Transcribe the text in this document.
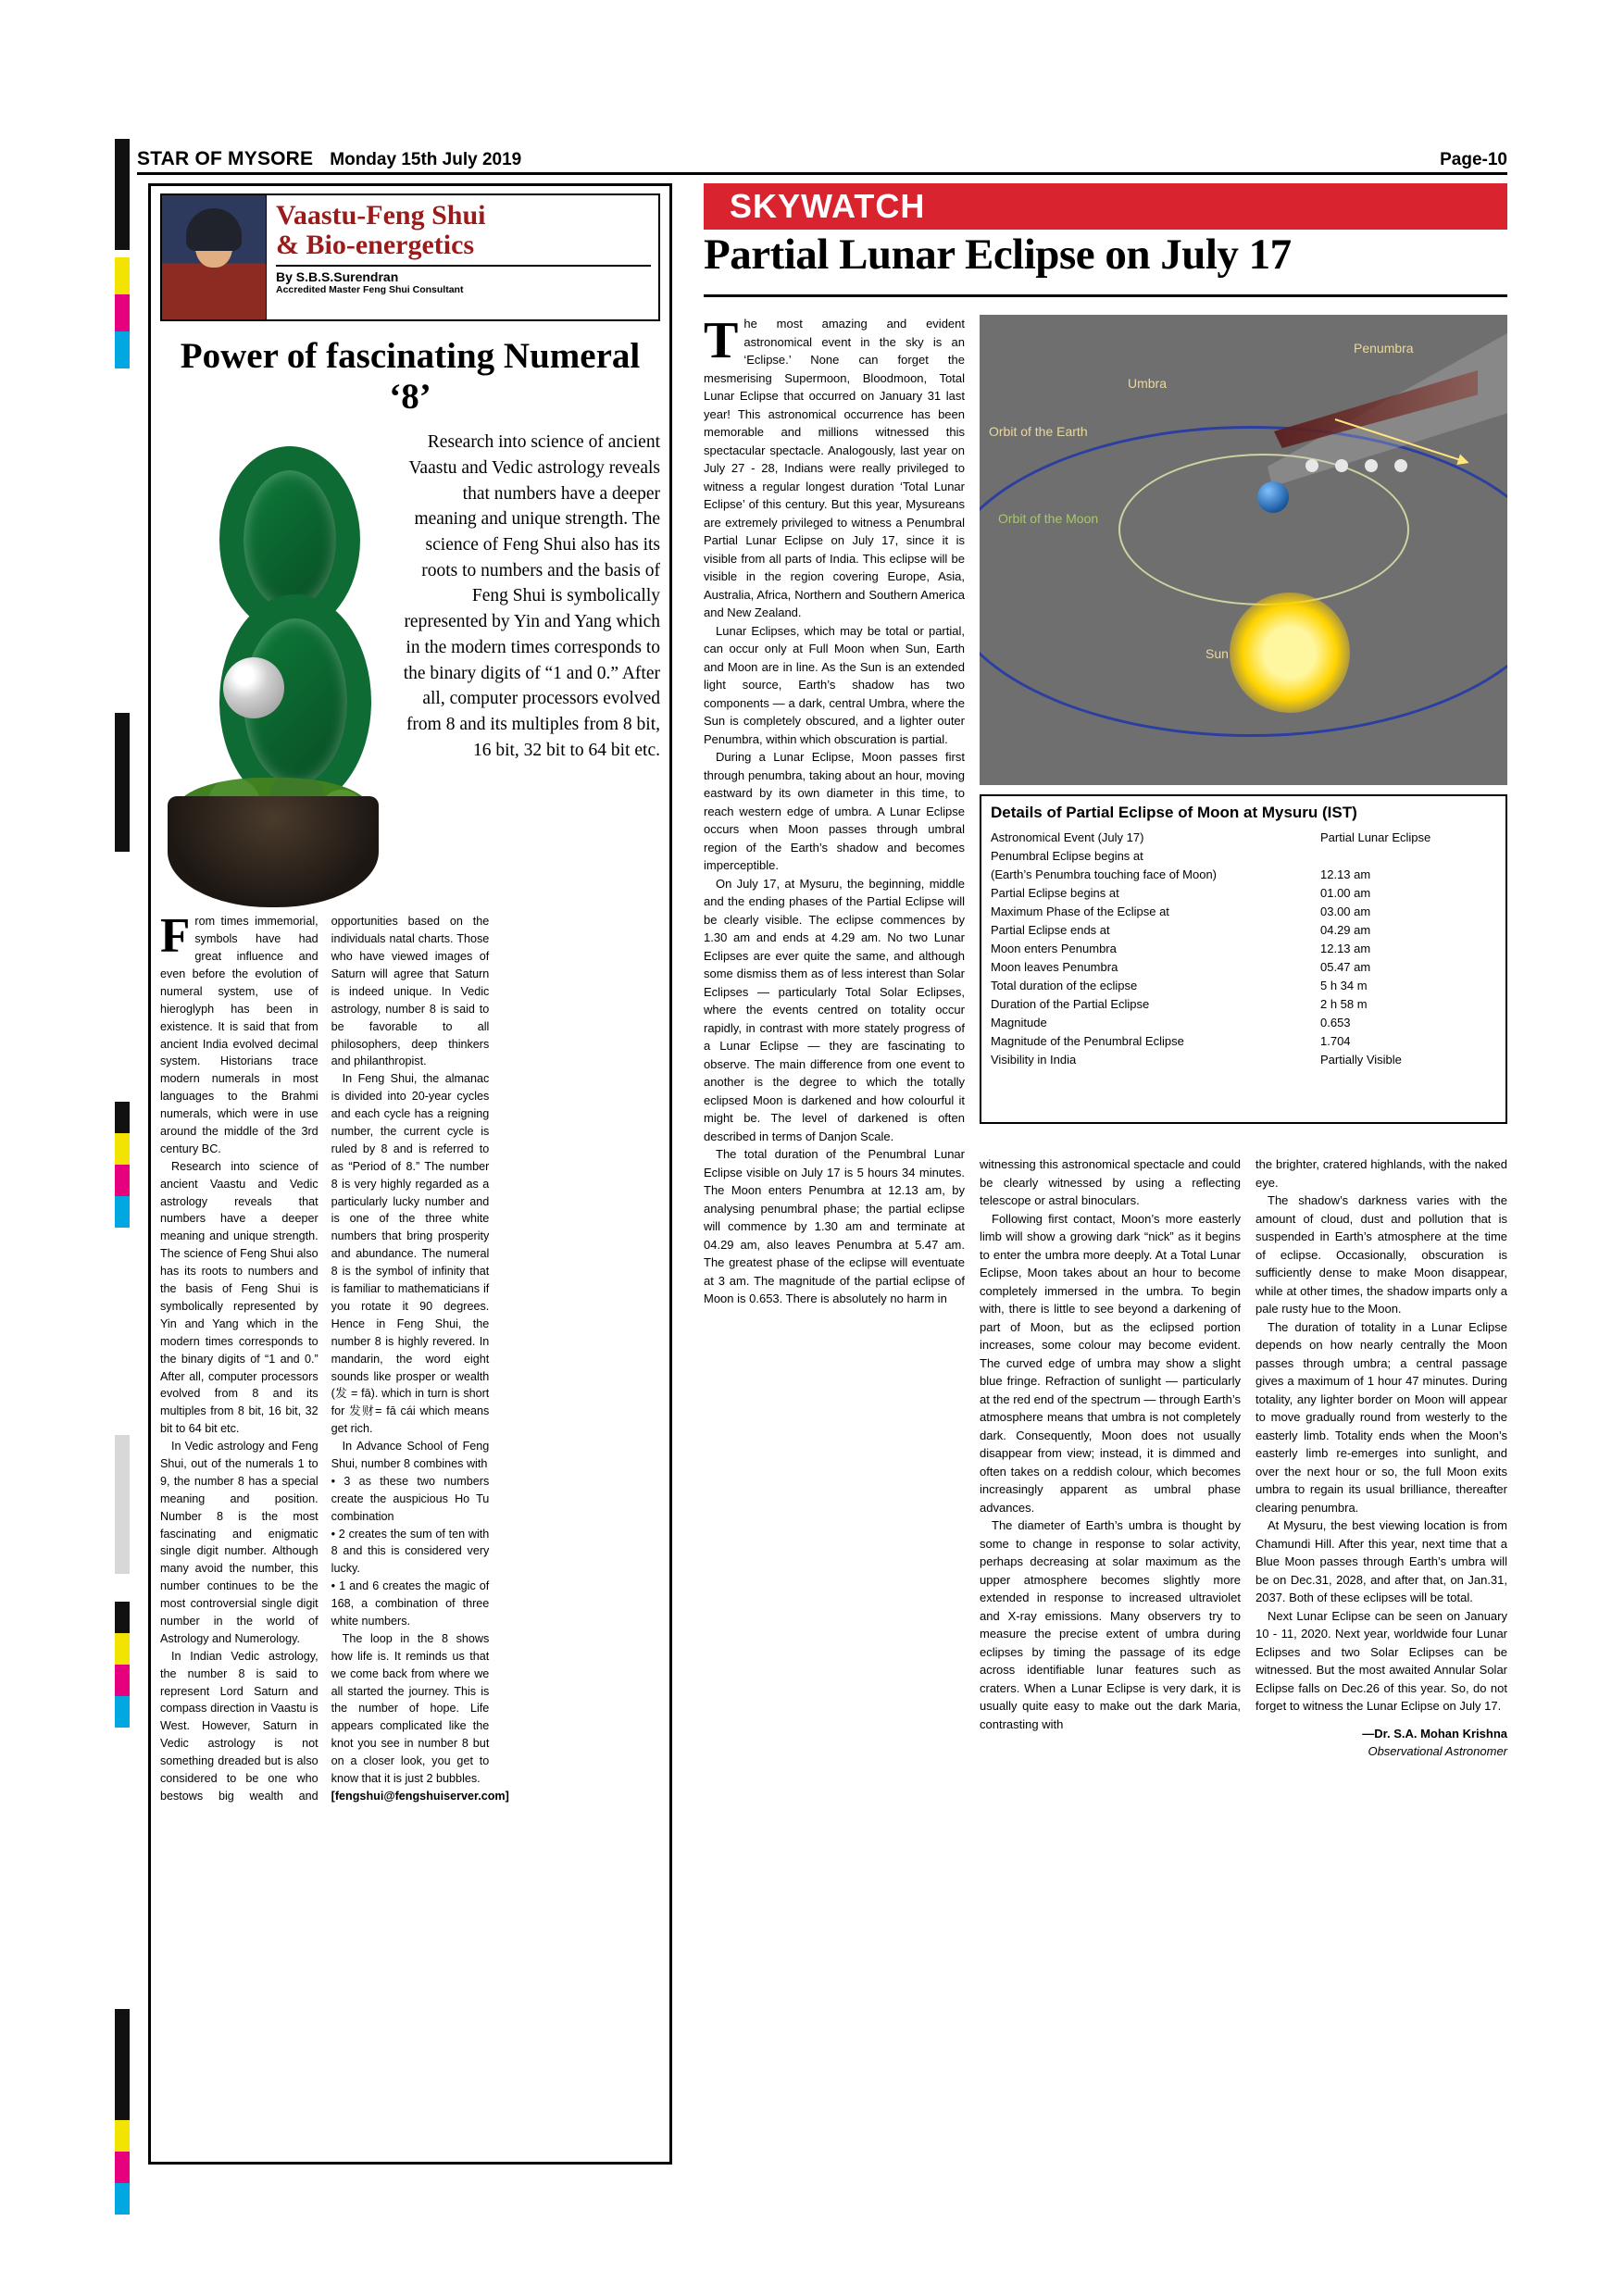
STAR OF MYSORE Monday 15th July 2019	Page-10
Vaastu-Feng Shui
& Bio-energetics
By S.B.S.Surendran
Accredited Master Feng Shui Consultant
Power of fascinating Numeral ‘8’
Research into science of ancient Vaastu and Vedic astrology reveals that numbers have a deeper meaning and unique strength. The science of Feng Shui also has its roots to numbers and the basis of Feng Shui is symbolically represented by Yin and Yang which in the modern times corresponds to the binary digits of “1 and 0.” After all, computer processors evolved from 8 and its multiples from 8 bit, 16 bit, 32 bit to 64 bit etc.

From times immemorial, symbols have had great influence and even before the evolution of numeral system, use of hieroglyph has been in existence. It is said that from ancient India evolved decimal system. Historians trace modern numerals in most languages to the Brahmi numerals, which were in use around the middle of the 3rd century BC.

Research into science of ancient Vaastu and Vedic astrology reveals that numbers have a deeper meaning and unique strength. The science of Feng Shui also has its roots to numbers and the basis of Feng Shui is symbolically represented by Yin and Yang which in the modern times corresponds to the binary digits of “1 and 0.” After all, computer processors evolved from 8 and its multiples from 8 bit, 16 bit, 32 bit to 64 bit etc.

In Vedic astrology and Feng Shui, out of the numerals 1 to 9, the number 8 has a special meaning and position. Number 8 is the most fascinating and enigmatic single digit number. Although many avoid the number, this number continues to be the most controversial single digit number in the world of Astrology and Numerology.

In Indian Vedic astrology, the number 8 is said to represent Lord Saturn and compass direction in Vaastu is West. However, Saturn in Vedic astrology is not something dreaded but is also considered to be one who bestows big wealth and opportunities based on the individuals natal charts. Those who have viewed images of Saturn will agree that Saturn is indeed unique. In Vedic astrology, number 8 is said to be favorable to all philosophers, deep thinkers and philanthropist.

In Feng Shui, the almanac is divided into 20-year cycles and each cycle has a reigning number, the current cycle is ruled by 8 and is referred to as “Period of 8.” The number 8 is very highly regarded as a particularly lucky number and is one of the three white numbers that bring prosperity and abundance. The numeral 8 is the symbol of infinity that is familiar to mathematicians if you rotate it 90 degrees. Hence in Feng Shui, the number 8 is highly revered. In mandarin, the word eight sounds like prosper or wealth (发 = fā). which in turn is short for 发财= fā cái which means get rich.

In Advance School of Feng Shui, number 8 combines with

• 3 as these two numbers create the auspicious Ho Tu combination

• 2 creates the sum of ten with 8 and this is considered very lucky.

• 1 and 6 creates the magic of 168, a combination of three white numbers.

The loop in the 8 shows how life is. It reminds us that we come back from where we all started the journey. This is the number of hope. Life appears complicated like the knot you see in number 8 but on a closer look, you get to know that it is just 2 bubbles.

[fengshui@fengshuiserver.com]

SKYWATCH
Partial Lunar Eclipse on July 17
Penumbra
Umbra
Orbit of the Earth
Orbit of the Moon
Sun
Details of Partial Eclipse of Moon at Mysuru (IST)
Astronomical Event (July 17)	Partial Lunar Eclipse
Penumbral Eclipse begins at	
(Earth’s Penumbra touching face of Moon)	12.13 am
Partial Eclipse begins at	01.00 am
Maximum Phase of the Eclipse at	03.00 am
Partial Eclipse ends at	04.29 am
Moon enters Penumbra	12.13 am
Moon leaves Penumbra	05.47 am
Total duration of the eclipse	5 h 34 m
Duration of the Partial Eclipse	2 h 58 m
Magnitude	0.653
Magnitude of the Penumbral Eclipse	1.704
Visibility in India	Partially Visible

The most amazing and evident astronomical event in the sky is an ‘Eclipse.’ None can forget the mesmerising Supermoon, Bloodmoon, Total Lunar Eclipse that occurred on January 31 last year! This astronomical occurrence has been memorable and millions witnessed this spectacular spectacle. Analogously, last year on July 27 - 28, Indians were really privileged to witness a regular longest duration ‘Total Lunar Eclipse’ of this century. But this year, Mysureans are extremely privileged to witness a Penumbral Partial Lunar Eclipse on July 17, since it is visible from all parts of India. This eclipse will be visible in the region covering Europe, Asia, Australia, Africa, Northern and Southern America and New Zealand.

Lunar Eclipses, which may be total or partial, can occur only at Full Moon when Sun, Earth and Moon are in line. As the Sun is an extended light source, Earth’s shadow has two components — a dark, central Umbra, where the Sun is completely obscured, and a lighter outer Penumbra, within which obscuration is partial.

During a Lunar Eclipse, Moon passes first through penumbra, taking about an hour, moving eastward by its own diameter in this time, to reach western edge of umbra. A Lunar Eclipse occurs when Moon passes through umbral region of the Earth’s shadow and becomes imperceptible.

On July 17, at Mysuru, the beginning, middle and the ending phases of the Partial Eclipse will be clearly visible. The eclipse commences by 1.30 am and ends at 4.29 am. No two Lunar Eclipses are ever quite the same, and although some dismiss them as of less interest than Solar Eclipses — particularly Total Solar Eclipses, where the events centred on totality occur rapidly, in contrast with more stately progress of a Lunar Eclipse — they are fascinating to observe. The main difference from one event to another is the degree to which the totally eclipsed Moon is darkened and how colourful it might be. The level of darkened is often described in terms of Danjon Scale.

The total duration of the Penumbral Lunar Eclipse visible on July 17 is 5 hours 34 minutes. The Moon enters Penumbra at 12.13 am, by analysing penumbral phase; the partial eclipse will commence by 1.30 am and terminate at 04.29 am, also leaves Penumbra at 5.47 am. The greatest phase of the eclipse will eventuate at 3 am. The magnitude of the partial eclipse of Moon is 0.653. There is absolutely no harm in

witnessing this astronomical spectacle and could be clearly witnessed by using a reflecting telescope or astral binoculars.

Following first contact, Moon’s more easterly limb will show a growing dark “nick” as it begins to enter the umbra more deeply. At a Total Lunar Eclipse, Moon takes about an hour to become completely immersed in the umbra. To begin with, there is little to see beyond a darkening of part of Moon, but as the eclipsed portion increases, some colour may become evident. The curved edge of umbra may show a slight blue fringe. Refraction of sunlight — particularly at the red end of the spectrum — through Earth’s atmosphere means that umbra is not completely dark. Consequently, Moon does not usually disappear from view; instead, it is dimmed and often takes on a reddish colour, which becomes increasingly apparent as umbral phase advances.

The diameter of Earth’s umbra is thought by some to change in response to solar activity, perhaps decreasing at solar maximum as the upper atmosphere becomes slightly more extended in response to increased ultraviolet and X-ray emissions. Many observers try to measure the precise extent of umbra during eclipses by timing the passage of its edge across identifiable lunar features such as craters. When a Lunar Eclipse is very dark, it is usually quite easy to make out the dark Maria, contrasting with

the brighter, cratered highlands, with the naked eye.

The shadow’s darkness varies with the amount of cloud, dust and pollution that is suspended in Earth’s atmosphere at the time of eclipse. Occasionally, obscuration is sufficiently dense to make Moon disappear, while at other times, the shadow imparts only a pale rusty hue to the Moon.

The duration of totality in a Lunar Eclipse depends on how nearly centrally the Moon passes through umbra; a central passage gives a maximum of 1 hour 47 minutes. During totality, any lighter border on Moon will appear to move gradually round from westerly to the easterly limb. Totality ends when the Moon’s easterly limb re-emerges into sunlight, and over the next hour or so, the full Moon exits umbra to regain its usual brilliance, thereafter clearing penumbra.

At Mysuru, the best viewing location is from Chamundi Hill. After this year, next time that a Blue Moon passes through Earth’s umbra will be on Dec.31, 2028, and after that, on Jan.31, 2037. Both of these eclipses will be total.

Next Lunar Eclipse can be seen on January 10 - 11, 2020. Next year, worldwide four Lunar Eclipses and two Solar Eclipses can be witnessed. But the most awaited Annular Solar Eclipse falls on Dec.26 of this year. So, do not forget to witness the Lunar Eclipse on July 17.

—Dr. S.A. Mohan Krishna
Observational Astronomer
